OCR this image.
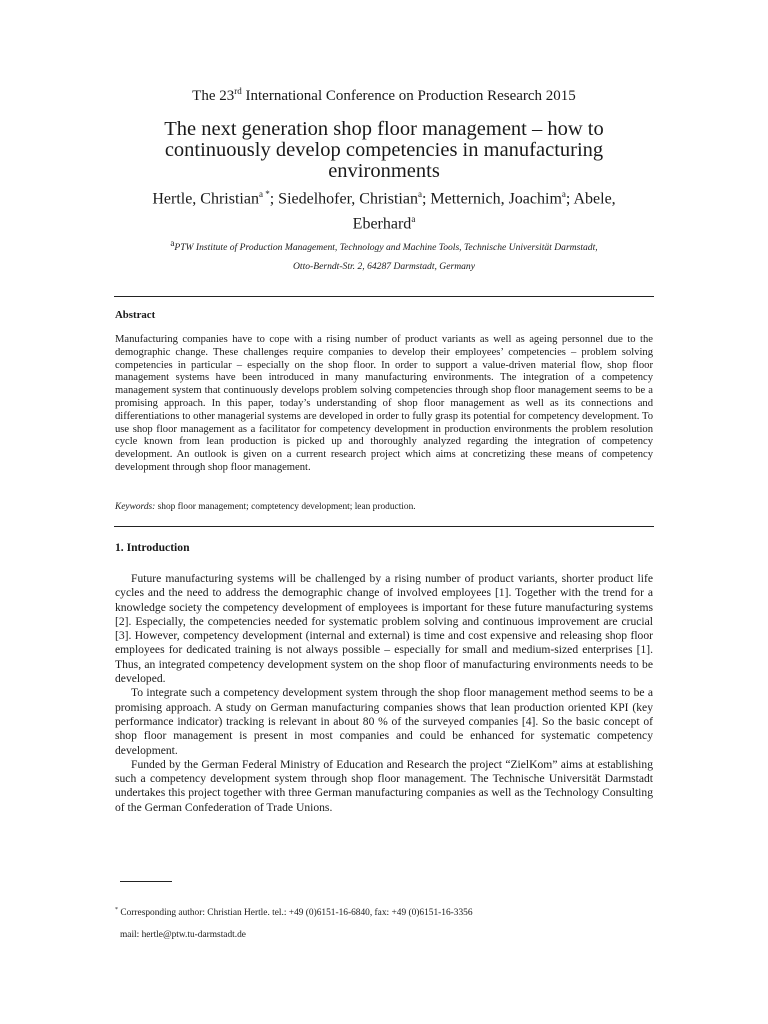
The 23rd International Conference on Production Research 2015
The next generation shop floor management – how to continuously develop competencies in manufacturing environments
Hertle, Christian$^{a *}$; Siedelhofer, Christian$^a$; Metternich, Joachim$^a$; Abele, Eberhard$^a$
$^a$PTW Institute of Production Management, Technology and Machine Tools, Technische Universität Darmstadt,
Otto-Berndt-Str. 2, 64287 Darmstadt, Germany
Abstract

Manufacturing companies have to cope with a rising number of product variants as well as ageing personnel due to the demographic change. These challenges require companies to develop their employees’ competencies – problem solving competencies in particular – especially on the shop floor. In order to support a value-driven material flow, shop floor management systems have been introduced in many manufacturing environments. The integration of a competency management system that continuously develops problem solving competencies through shop floor management seems to be a promising approach. In this paper, today’s understanding of shop floor management as well as its connections and differentiations to other managerial systems are developed in order to fully grasp its potential for competency development. To use shop floor management as a facilitator for competency development in production environments the problem resolution cycle known from lean production is picked up and thoroughly analyzed regarding the integration of competency development. An outlook is given on a current research project which aims at concretizing these means of competency development through shop floor management.

Keywords: shop floor management; comptetency development; lean production.
1. Introduction

Future manufacturing systems will be challenged by a rising number of product variants, shorter product life cycles and the need to address the demographic change of involved employees [1]. Together with the trend for a knowledge society the competency development of employees is important for these future manufacturing systems [2]. Especially, the competencies needed for systematic problem solving and continuous improvement are crucial [3]. However, competency development (internal and external) is time and cost expensive and releasing shop floor employees for dedicated training is not always possible – especially for small and medium-sized enterprises [1]. Thus, an integrated competency development system on the shop floor of manufacturing environments needs to be developed.

To integrate such a competency development system through the shop floor management method seems to be a promising approach. A study on German manufacturing companies shows that lean production oriented KPI (key performance indicator) tracking is relevant in about 80 % of the surveyed companies [4]. So the basic concept of shop floor management is present in most companies and could be enhanced for systematic competency development.

Funded by the German Federal Ministry of Education and Research the project “ZielKom” aims at establishing such a competency development system through shop floor management. The Technische Universität Darmstadt undertakes this project together with three German manufacturing companies as well as the Technology Consulting of the German Confederation of Trade Unions.

* Corresponding author: Christian Hertle. tel.: +49 (0)6151-16-6840, fax: +49 (0)6151-16-3356
mail: hertle@ptw.tu-darmstadt.de
